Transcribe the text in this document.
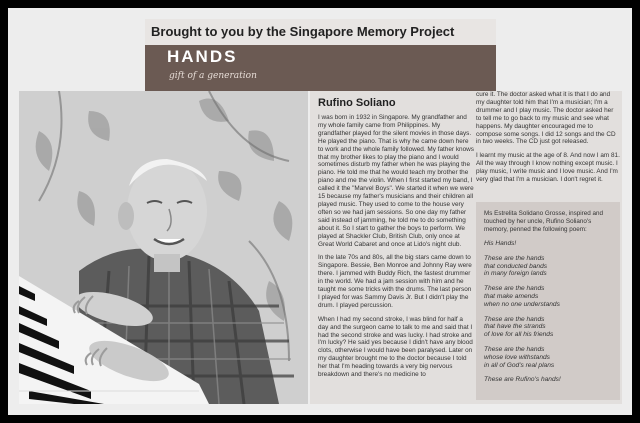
Brought to you by the Singapore Memory Project
HANDS
gift of a generation
Rufino Soliano

I was born in 1932 in Singapore. My grandfather and my whole family came from Philippines. My grandfather played for the silent movies in those days. He played the piano. That is why he came down here to work and the whole family followed. My father knows that my brother likes to play the piano and I would sometimes disturb my father when he was playing the piano. He told me that he would teach my brother the piano and me the violin. When I first started my band, I called it the "Marvel Boys". We started it when we were 15 because my father's musicians and their children all played music. They used to come to the house very often so we had jam sessions. So one day my father said instead of jamming, he told me to do something about it. So I start to gather the boys to perform. We played at Shackler Club, British Club, only once at Great World Cabaret and once at Lido's night club.

In the late 70s and 80s, all the big stars came down to Singapore. Bessie, Ben Monroe and Johnny Ray were there. I jammed with Buddy Rich, the fastest drummer in the world. We had a jam session with him and he taught me some tricks with the drums. The last person I played for was Sammy Davis Jr. But I didn't play the drum. I played percussion.

When I had my second stroke, I was blind for half a day and the surgeon came to talk to me and said that I had the second stroke and was lucky. I had stroke and I'm lucky? He said yes because I didn't have any blood clots, otherwise I would have been paralysed. Later on my daughter brought me to the doctor because I told her that I'm heading towards a very big nervous breakdown and there's no medicine to

cure it. The doctor asked what it is that I do and my daughter told him that I'm a musician; I'm a drummer and I play music. The doctor asked her to tell me to go back to my music and see what happens. My daughter encouraged me to compose some songs. I did 12 songs and the CD in two weeks. The CD just got released.

I learnt my music at the age of 8. And now I am 81. All the way through I know nothing except music. I play music, I write music and I love music. And I'm very glad that I'm a musician. I don't regret it.

Ms Estrelita Solidano Grosse, inspired and touched by her uncle, Rufino Soliano's memory, penned the following poem:

His Hands!

These are the hands
that conducted bands
in many foreign lands

These are the hands
that make amends
when no one understands

These are the hands
that have the strands
of love for all his friends

These are the hands
whose love withstands
in all of God's real plans

These are Rufino's hands!
